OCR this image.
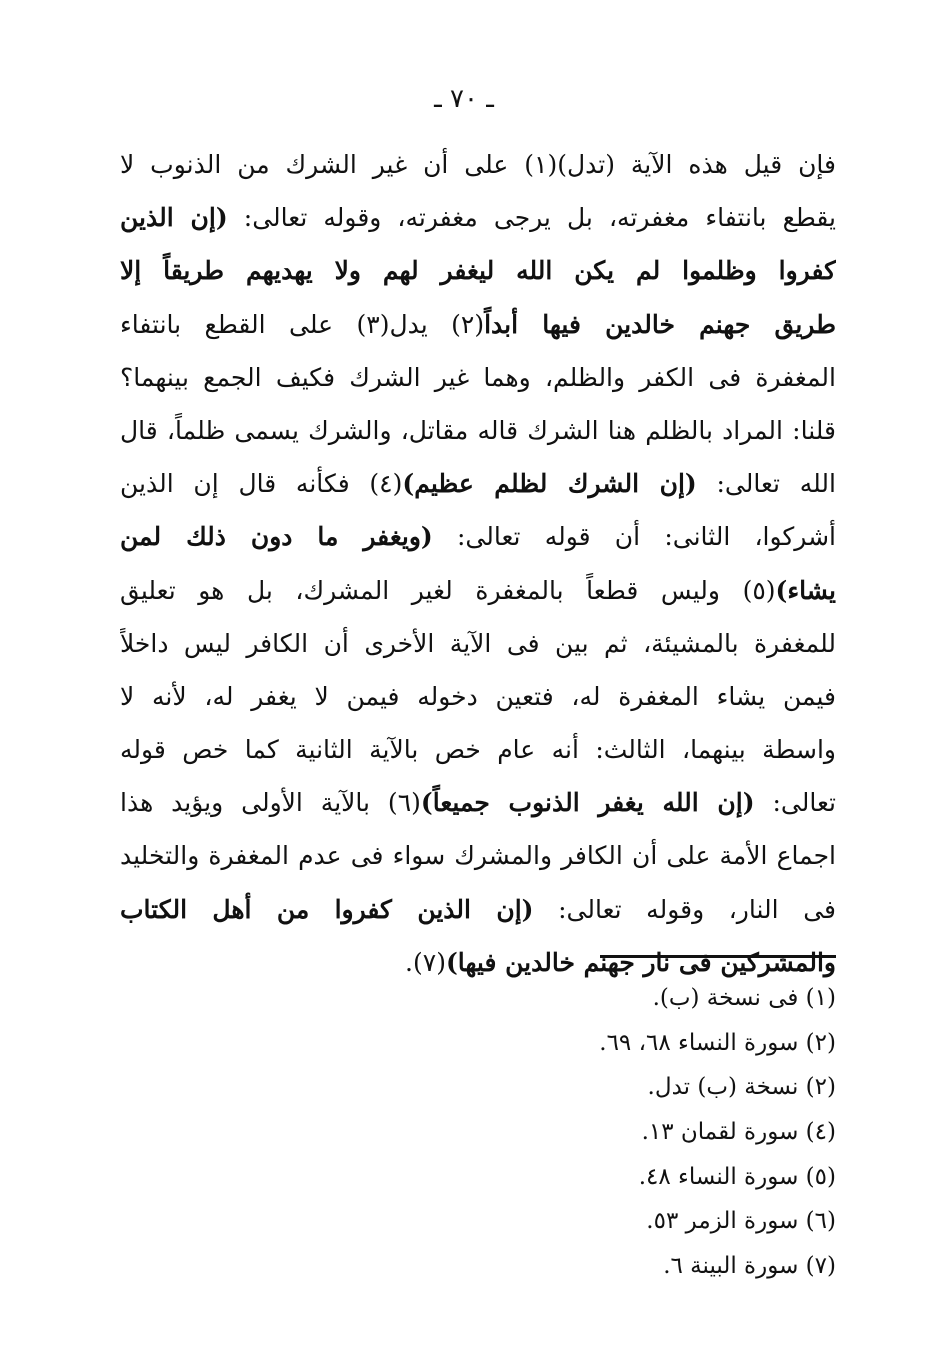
ـ ٧٠ ـ
فإن قيل هذه الآية (تدل)(١) على أن غير الشرك من الذنوب لا
يقطع بانتفاء مغفرته، بل يرجى مغفرته، وقوله تعالى: (إن الذين
كفروا وظلموا لم يكن الله ليغفر لهم ولا يهديهم طريقاً إلا
طريق جهنم خالدين فيها أبداً(٢) يدل(٣) على القطع بانتفاء
المغفرة فى الكفر والظلم، وهما غير الشرك فكيف الجمع بينهما؟
قلنا: المراد بالظلم هنا الشرك قاله مقاتل، والشرك يسمى ظلماً، قال
الله تعالى: (إن الشرك لظلم عظيم)(٤) فكأنه قال إن الذين
أشركوا، الثانى: أن قوله تعالى: (ويغفر ما دون ذلك لمن
يشاء)(٥) وليس قطعاً بالمغفرة لغير المشرك، بل هو تعليق
للمغفرة بالمشيئة، ثم بين فى الآية الأخرى أن الكافر ليس داخلاً
فيمن يشاء المغفرة له، فتعين دخوله فيمن لا يغفر له، لأنه لا
واسطة بينهما، الثالث: أنه عام خص بالآية الثانية كما خص قوله
تعالى: (إن الله يغفر الذنوب جميعاً)(٦) بالآية الأولى ويؤيد هذا
اجماع الأمة على أن الكافر والمشرك سواء فى عدم المغفرة والتخليد
فى النار، وقوله تعالى: (إن الذين كفروا من أهل الكتاب
والمشركين فى نار جهنم خالدين فيها)(٧).
(١) فى نسخة (ب).
(٢) سورة النساء ٦٨، ٦٩.
(٢) نسخة (ب) تدل.
(٤) سورة لقمان ١٣.
(٥) سورة النساء ٤٨.
(٦) سورة الزمر ٥٣.
(٧) سورة البينة ٦.
